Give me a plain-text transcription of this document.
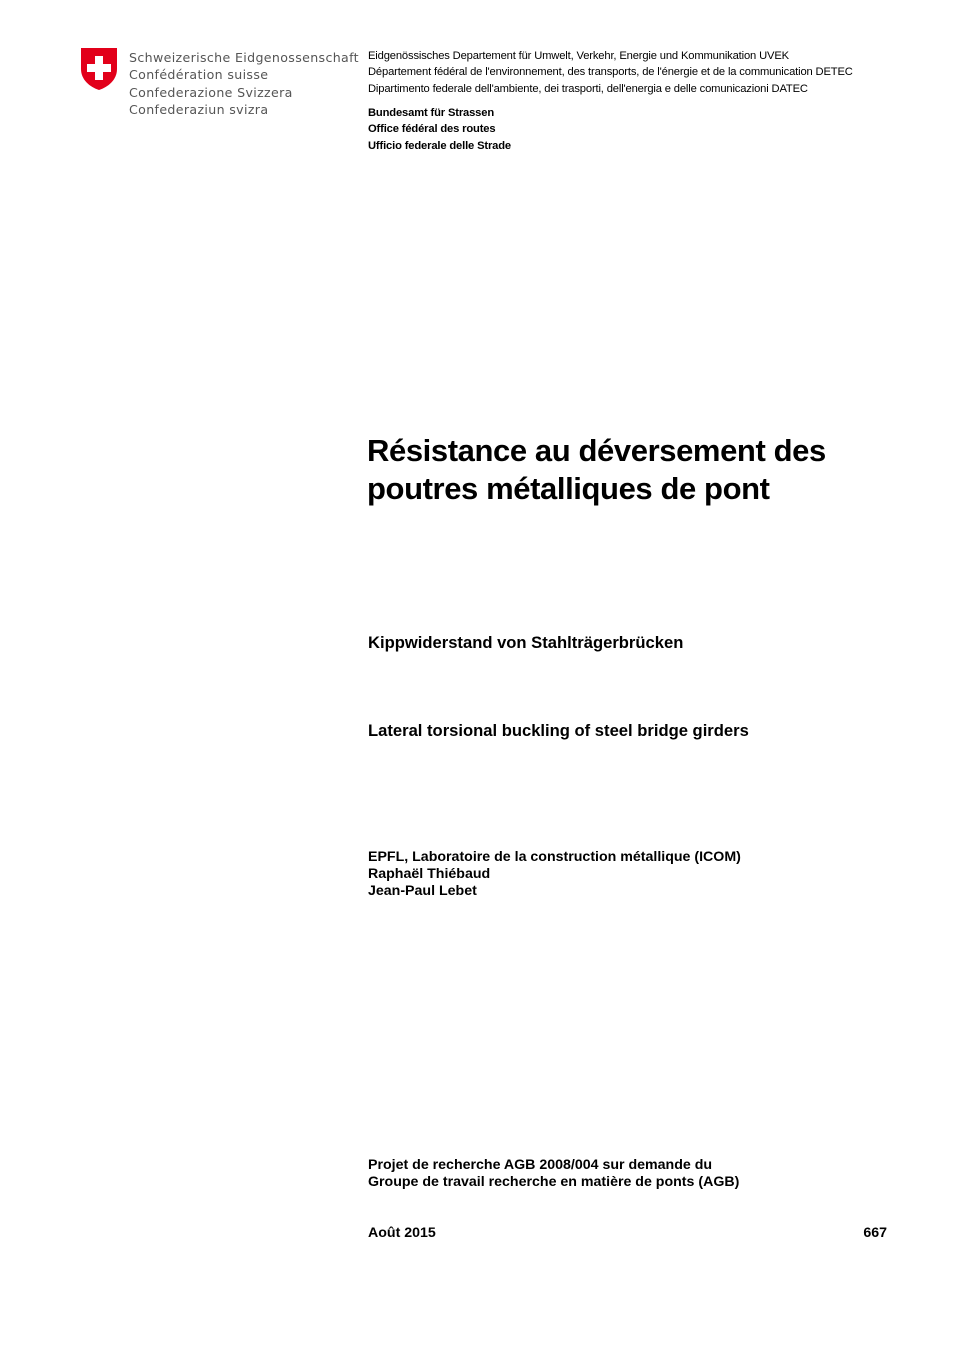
Schweizerische Eidgenossenschaft
Confédération suisse
Confederazione Svizzera
Confederaziun svizra
Eidgenössisches Departement für Umwelt, Verkehr, Energie und Kommunikation UVEK
Département fédéral de l'environnement, des transports, de l'énergie et de la communication DETEC
Dipartimento federale dell'ambiente, dei trasporti, dell'energia e delle comunicazioni DATEC
Bundesamt für Strassen
Office fédéral des routes
Ufficio federale delle Strade
Résistance au déversement des
poutres métalliques de pont
Kippwiderstand von Stahlträgerbrücken
Lateral torsional buckling of steel bridge girders
EPFL, Laboratoire de la construction métallique (ICOM)
Raphaël Thiébaud
Jean-Paul Lebet
Projet de recherche AGB 2008/004 sur demande du
Groupe de travail recherche en matière de ponts (AGB)
Août 2015	667
